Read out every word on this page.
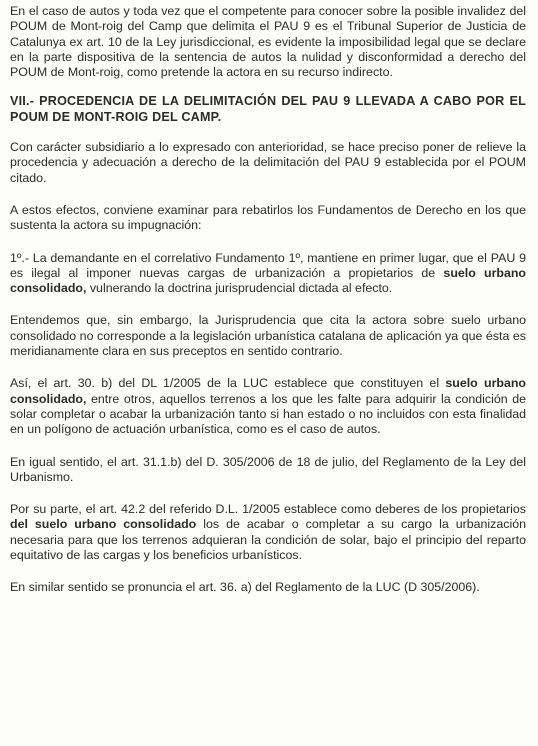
En el caso de autos y toda vez que el competente para conocer sobre la posible invalidez del POUM de Mont-roig del Camp que delimita el PAU 9 es el Tribunal Superior de Justicia de Catalunya ex art. 10 de la Ley jurisdiccional, es evidente la imposibilidad legal que se declare en la parte dispositiva de la sentencia de autos la nulidad y disconformidad a derecho del POUM de Mont-roig, como pretende la actora en su recurso indirecto.

VII.- PROCEDENCIA DE LA DELIMITACIÓN DEL PAU 9 LLEVADA A CABO POR EL POUM DE MONT-ROIG DEL CAMP.

Con carácter subsidiario a lo expresado con anterioridad, se hace preciso poner de relieve la procedencia y adecuación a derecho de la delimitación del PAU 9 establecida por el POUM citado.

A estos efectos, conviene examinar para rebatirlos los Fundamentos de Derecho en los que sustenta la actora su impugnación:

1º.- La demandante en el correlativo Fundamento 1º, mantiene en primer lugar, que el PAU 9 es ilegal al imponer nuevas cargas de urbanización a propietarios de suelo urbano consolidado, vulnerando la doctrina jurisprudencial dictada al efecto.

Entendemos que, sin embargo, la Jurisprudencia que cita la actora sobre suelo urbano consolidado no corresponde a la legislación urbanística catalana de aplicación ya que ésta es meridianamente clara en sus preceptos en sentido contrario.

Así, el art. 30. b) del DL 1/2005 de la LUC establece que constituyen el suelo urbano consolidado, entre otros, aquellos terrenos a los que les falte para adquirir la condición de solar completar o acabar la urbanización tanto si han estado o no incluidos con esta finalidad en un polígono de actuación urbanística, como es el caso de autos.

En igual sentido, el art. 31.1.b) del D. 305/2006 de 18 de julio, del Reglamento de la Ley del Urbanismo.

Por su parte, el art. 42.2 del referido D.L. 1/2005 establece como deberes de los propietarios del suelo urbano consolidado los de acabar o completar a su cargo la urbanización necesaria para que los terrenos adquieran la condición de solar, bajo el principio del reparto equitativo de las cargas y los beneficios urbanísticos.

En similar sentido se pronuncia el art. 36. a) del Reglamento de la LUC (D 305/2006).
